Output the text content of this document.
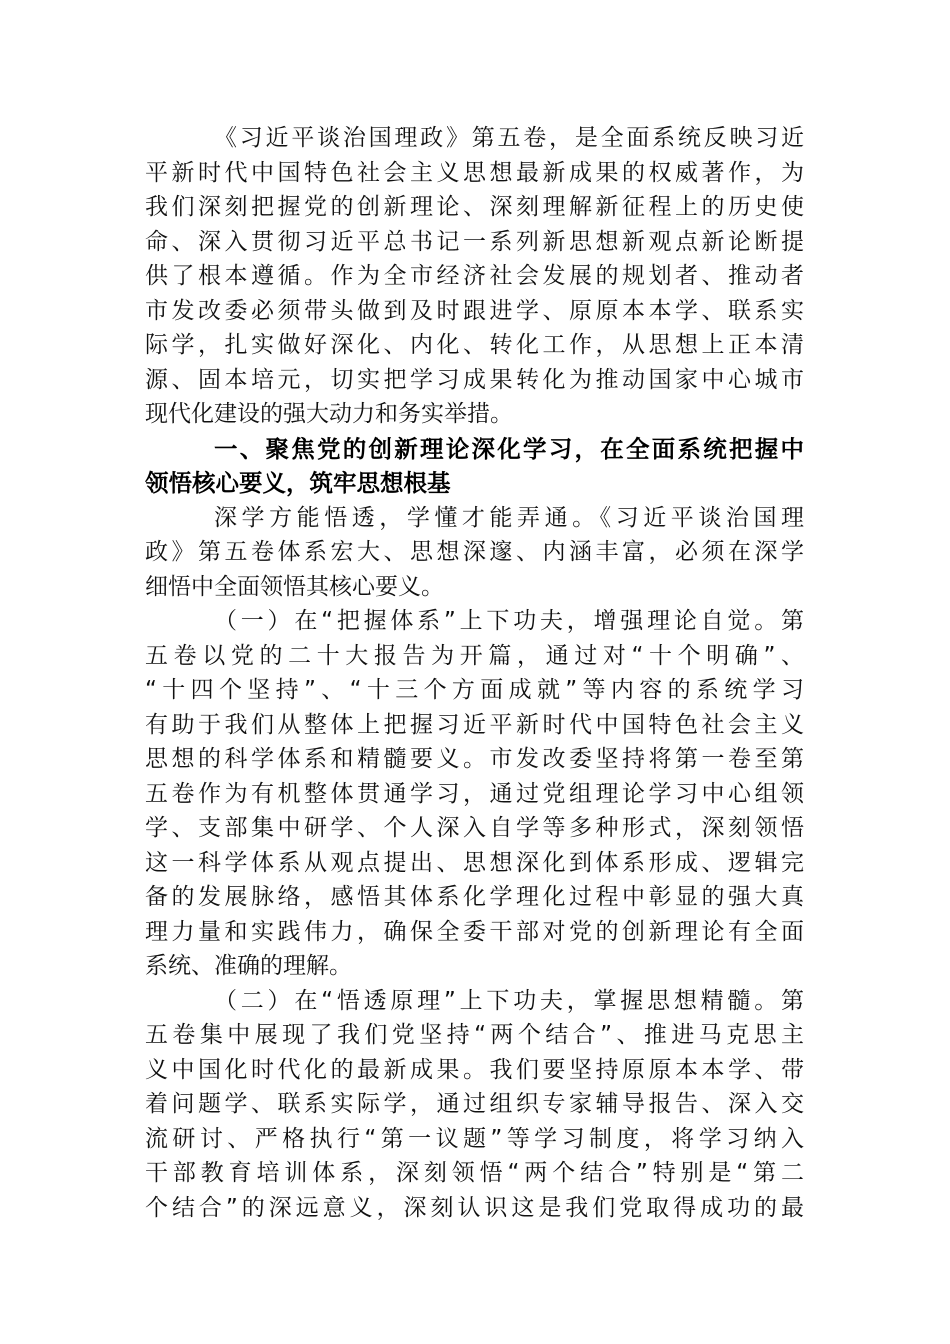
《习近平谈治国理政》第五卷，是全面系统反映习近
平新时代中国特色社会主义思想最新成果的权威著作，为
我们深刻把握党的创新理论、深刻理解新征程上的历史使
命、深入贯彻习近平总书记一系列新思想新观点新论断提
供了根本遵循。作为全市经济社会发展的规划者、推动者
市发改委必须带头做到及时跟进学、原原本本学、联系实
际学，扎实做好深化、内化、转化工作，从思想上正本清
源、固本培元，切实把学习成果转化为推动国家中心城市
现代化建设的强大动力和务实举措。
一、聚焦党的创新理论深化学习，在全面系统把握中
领悟核心要义，筑牢思想根基
深学方能悟透，学懂才能弄通。《习近平谈治国理
政》第五卷体系宏大、思想深邃、内涵丰富，必须在深学
细悟中全面领悟其核心要义。
（一）在“把握体系”上下功夫，增强理论自觉。第
五卷以党的二十大报告为开篇，通过对“十个明确”、
“十四个坚持”、“十三个方面成就”等内容的系统学习
有助于我们从整体上把握习近平新时代中国特色社会主义
思想的科学体系和精髓要义。市发改委坚持将第一卷至第
五卷作为有机整体贯通学习，通过党组理论学习中心组领
学、支部集中研学、个人深入自学等多种形式，深刻领悟
这一科学体系从观点提出、思想深化到体系形成、逻辑完
备的发展脉络，感悟其体系化学理化过程中彰显的强大真
理力量和实践伟力，确保全委干部对党的创新理论有全面
系统、准确的理解。
（二）在“悟透原理”上下功夫，掌握思想精髓。第
五卷集中展现了我们党坚持“两个结合”、推进马克思主
义中国化时代化的最新成果。我们要坚持原原本本学、带
着问题学、联系实际学，通过组织专家辅导报告、深入交
流研讨、严格执行“第一议题”等学习制度，将学习纳入
干部教育培训体系，深刻领悟“两个结合”特别是“第二
个结合”的深远意义，深刻认识这是我们党取得成功的最
